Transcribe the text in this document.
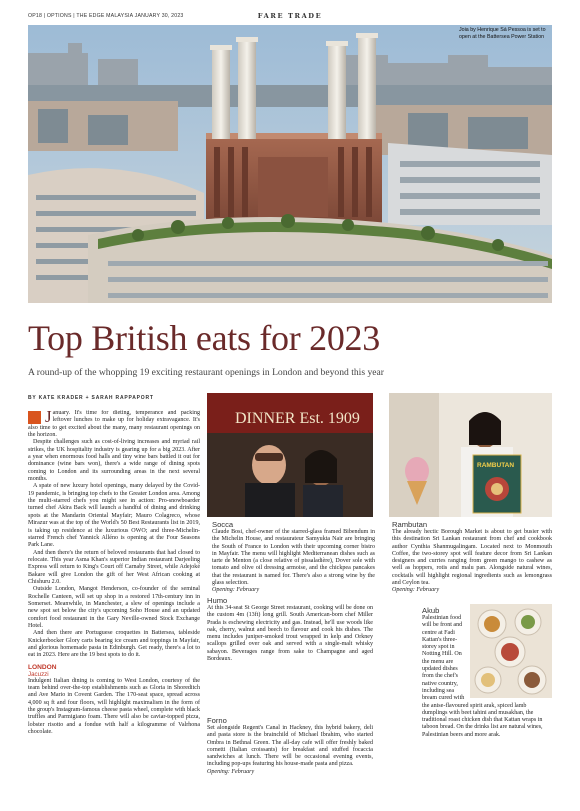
OP18 | OPTIONS | THE EDGE MALAYSIA JANUARY 30, 2023	FARE TRADE
Joia by Henrique Sá Pessoa is set to open at the Battersea Power Station
Top British eats for 2023
A round-up of the whopping 19 exciting restaurant openings in London and beyond this year
BY KATE KRADER + SARAH RAPPAPORT

January. It's time for dieting, temperance and packing leftover lunches to make up for holiday extravagance. It's also time to get excited about the many, many restaurant openings on the horizon.

Despite challenges such as cost-of-living increases and myriad rail strikes, the UK hospitality industry is gearing up for a big 2023. After a year when enormous food halls and tiny wine bars battled it out for dominance (wine bars won), there's a wide range of dining spots coming to London and its surrounding areas in the next several months.

A spate of new luxury hotel openings, many delayed by the Covid-19 pandemic, is bringing top chefs to the Greater London area. Among the multi-starred chefs you might see in action: Pro-snowboarder turned chef Akira Back will launch a handful of dining and drinking spots at the Mandarin Oriental Mayfair; Mauro Colagreco, whose Mirazur was at the top of the World's 50 Best Restaurants list in 2019, is taking up residence at the luxurious OWO; and three-Michelin-starred French chef Yannick Alléno is opening at the Four Seasons Park Lane.

And then there's the return of beloved restaurants that had closed to relocate. This year Asma Khan's superior Indian restaurant Darjeeling Express will return to King's Court off Carnaby Street, while Adejoké Bakare will give London the gift of her West African cooking at Chishuru 2.0.

Outside London, Mangot Henderson, co-founder of the seminal Rochelle Canteen, will set up shop in a restored 17th-century inn in Somerset. Meanwhile, in Manchester, a slew of openings include a new spot set below the city's upcoming Soho House and an updated comfort food restaurant in the Gary Neville-owned Stock Exchange Hotel.

And then there are Portuguese croquettes in Battersea, tableside Knickerbocker Glory carts bearing ice cream and toppings in Mayfair, and glorious homemade pasta in Edinburgh. Get ready, there's a lot to eat in 2023. Here are the 19 best spots to do it.

LONDON

Jacuzzi

Indulgent Italian dining is coming to West London, courtesy of the team behind over-the-top establishments such as Gloria in Shoreditch and Ave Mario in Covent Garden. The 170-seat space, spread across 4,000 sq ft and four floors, will highlight maximalism in the form of the group's Instagram-famous cheese pasta wheel, complete with black truffles and Parmigiano foam. There will also be caviar-topped pizza, lobster risotto and a fondue with half a kilogramme of Valrhona chocolate.

DINNER Est. 1909
Socca
Claude Bosi, chef-owner of the starred-glass framed Bibendum in the Michelin House, and restaurateur Samyukta Nair are bringing the South of France to London with their upcoming corner bistro in Mayfair. The menu will highlight Mediterranean dishes such as tarte de Menton (a close relative of pissaladière), Dover sole with tomato and olive oil dressing armoise, and the chickpea pancakes that the restaurant is named for. There's also a strong wine by the glass selection.
Opening: February
RAMBUTAN
Rambutan
The already hectic Borough Market is about to get busier with this destination Sri Lankan restaurant from chef and cookbook author Cynthia Shanmugalingam. Located next to Monmouth Coffee, the two-storey spot will feature decor from Sri Lankan designers and curries ranging from green mango to cashew as well as hoppers, rotis and malu pan. Alongside natural wines, cocktails will highlight regional ingredients such as lemongrass and Ceylon tea.
Opening: February
Humo
At this 34-seat St George Street restaurant, cooking will be done on the custom 4m (13ft) long grill. South American-born chef Miller Prada is eschewing electricity and gas. Instead, he'll use woods like oak, cherry, walnut and beech to flavour and cook his dishes. The menu includes juniper-smoked trout wrapped in kelp and Orkney scallops grilled over oak and served with a single-malt whisky sabayon. Beverages range from sake to Champagne and aged Bordeaux.
Forno
Set alongside Regent's Canal in Hackney, this hybrid bakery, deli and pasta store is the brainchild of Michael Ibrahim, who started Ombra in Bethnal Green. The all-day cafe will offer freshly baked cornetti (Italian croissants) for breakfast and stuffed focaccia sandwiches at lunch. There will be occasional evening events, including pop-ups featuring his house-made pasta and pizza.
Opening: February
Akub
Palestinian food will be front and centre at Fadi Kattan's three-storey spot in Notting Hill. On the menu are updated dishes from the chef's native country, including sea bream cured with the anise-flavoured spirit arak, spiced lamb dumplings with beet tahini and musakhan, the traditional roast chicken dish that Kattan wraps in taboon bread. On the drinks list are natural wines, Palestinian beers and more arak.
